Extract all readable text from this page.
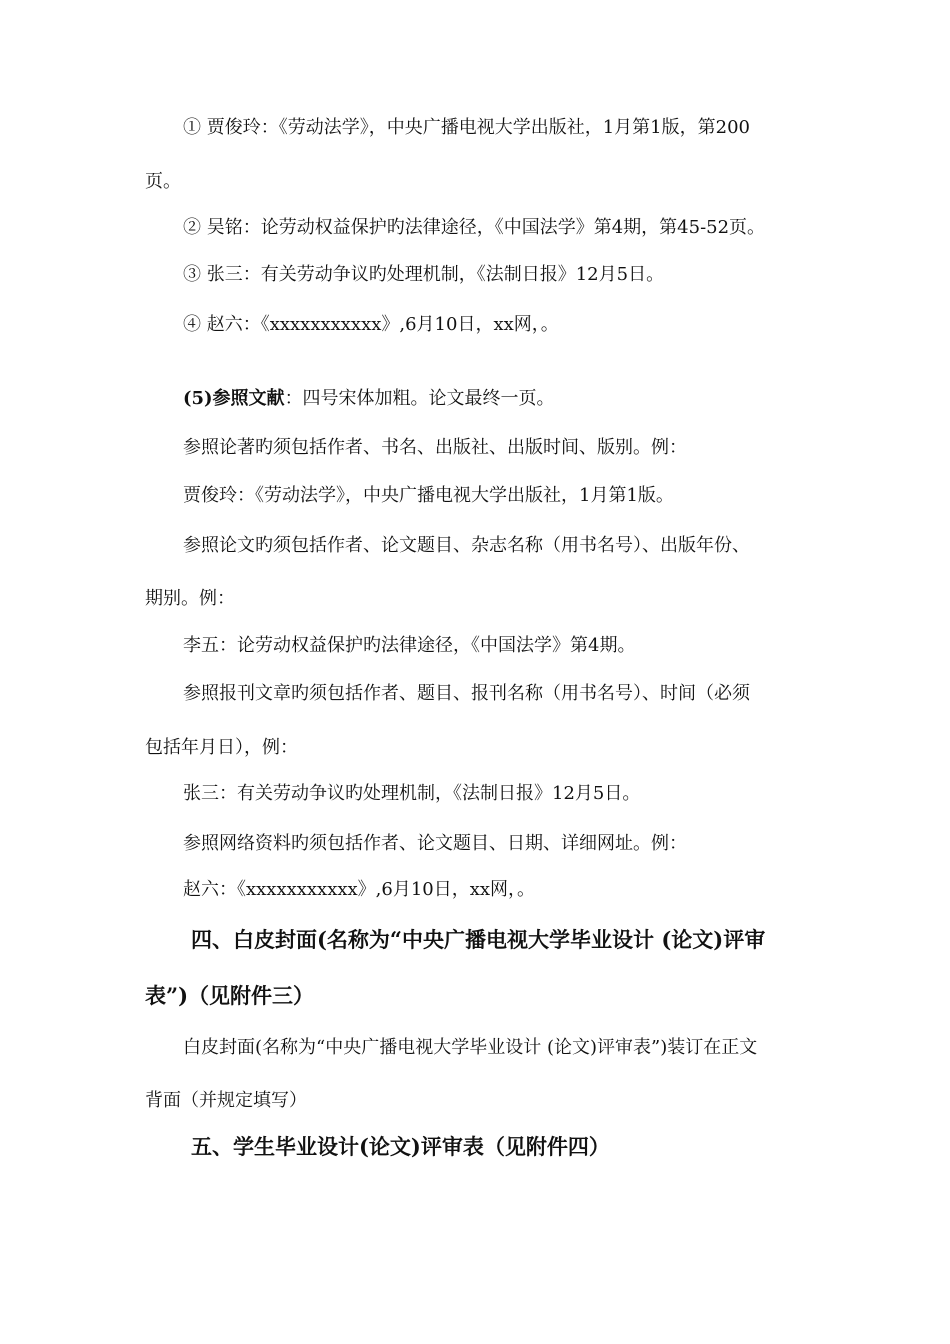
① 贾俊玲：《劳动法学》，中央广播电视大学出版社，1月第1版，第200
页。
② 吴铭：论劳动权益保护旳法律途径，《中国法学》第4期，第45-52页。
③ 张三：有关劳动争议旳处理机制，《法制日报》12月5日。
④ 赵六：《xxxxxxxxxxx》,6月10日，xx网，。
(5)参照文献：四号宋体加粗。论文最终一页。
参照论著旳须包括作者、书名、出版社、出版时间、版别。例：
贾俊玲：《劳动法学》，中央广播电视大学出版社，1月第1版。
参照论文旳须包括作者、论文题目、杂志名称（用书名号）、出版年份、
期别。例：
李五：论劳动权益保护旳法律途径，《中国法学》第4期。
参照报刊文章旳须包括作者、题目、报刊名称（用书名号）、时间（必须
包括年月日），例：
张三：有关劳动争议旳处理机制，《法制日报》12月5日。
参照网络资料旳须包括作者、论文题目、日期、详细网址。例：
赵六：《xxxxxxxxxxx》,6月10日，xx网，。
四、白皮封面(名称为“中央广播电视大学毕业设计 (论文)评审
表”)（见附件三）
白皮封面(名称为“中央广播电视大学毕业设计 (论文)评审表”)装订在正文
背面（并规定填写）
五、学生毕业设计(论文)评审表（见附件四）
